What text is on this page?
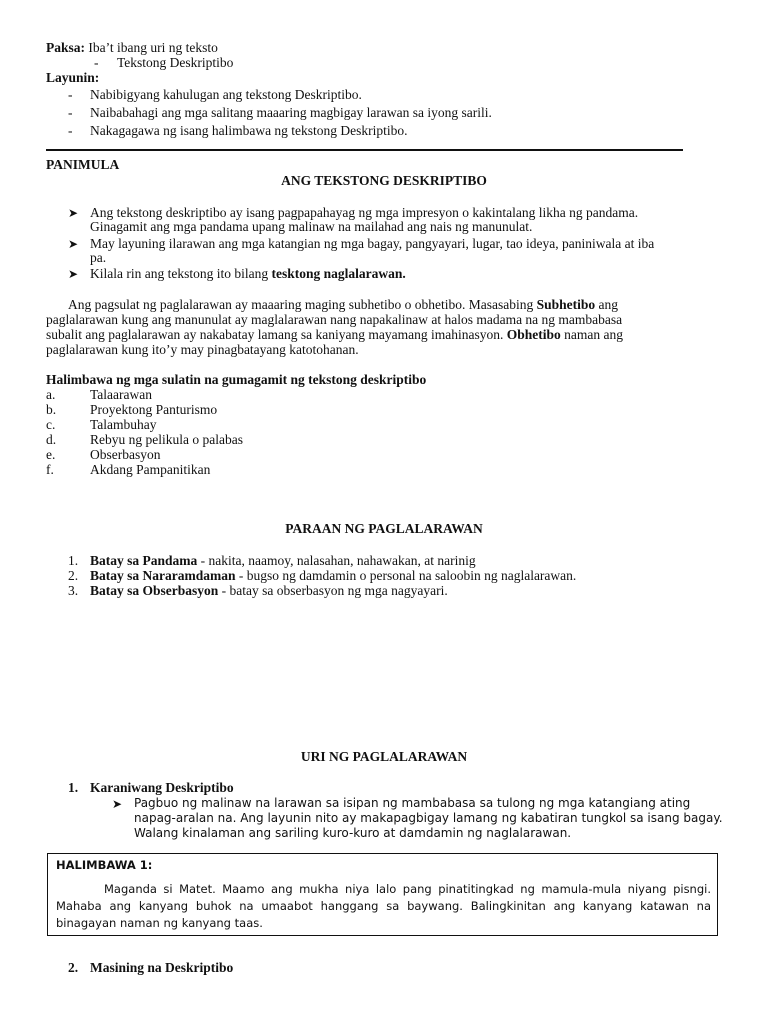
Paksa: Iba’t ibang uri ng teksto
- Tekstong Deskriptibo
Layunin:
- Nabibigyang kahulugan ang tekstong Deskriptibo.
- Naibabahagi ang mga salitang maaaring magbigay larawan sa iyong sarili.
- Nakagagawa ng isang halimbawa ng tekstong Deskriptibo.
PANIMULA
ANG TEKSTONG DESKRIPTIBO
➤ Ang tekstong deskriptibo ay isang pagpapahayag ng mga impresyon o kakintalang likha ng pandama.
Ginagamit ang mga pandama upang malinaw na mailahad ang nais ng manunulat.
➤ May layuning ilarawan ang mga katangian ng mga bagay, pangyayari, lugar, tao ideya, paniniwala at iba
pa.
➤ Kilala rin ang tekstong ito bilang tesktong naglalarawan.
Ang pagsulat ng paglalarawan ay maaaring maging subhetibo o obhetibo. Masasabing Subhetibo ang
paglalarawan kung ang manunulat ay maglalarawan nang napakalinaw at halos madama na ng mambabasa
subalit ang paglalarawan ay nakabatay lamang sa kaniyang mayamang imahinasyon. Obhetibo naman ang
paglalarawan kung ito’y may pinagbatayang katotohanan.
Halimbawa ng mga sulatin na gumagamit ng tekstong deskriptibo
a.	Talaarawan
b.	Proyektong Panturismo
c.	Talambuhay
d.	Rebyu ng pelikula o palabas
e.	Obserbasyon
f.	Akdang Pampanitikan
PARAAN NG PAGLALARAWAN
1. Batay sa Pandama - nakita, naamoy, nalasahan, nahawakan, at narinig
2. Batay sa Nararamdaman - bugso ng damdamin o personal na saloobin ng naglalarawan.
3. Batay sa Obserbasyon - batay sa obserbasyon ng mga nagyayari.
URI NG PAGLALARAWAN
1. Karaniwang Deskriptibo
➤ Pagbuo ng malinaw na larawan sa isipan ng mambabasa sa tulong ng mga katangiang ating
napag-aralan na. Ang layunin nito ay makapagbigay lamang ng kabatiran tungkol sa isang bagay.
Walang kinalaman ang sariling kuro-kuro at damdamin ng naglalarawan.
HALIMBAWA 1:
Maganda si Matet. Maamo ang mukha niya lalo pang pinatitingkad ng mamula-mula niyang pisngi. Mahaba ang kanyang buhok na umaabot hanggang sa baywang. Balingkinitan ang kanyang katawan na binagayan naman ng kanyang taas.
2. Masining na Deskriptibo
